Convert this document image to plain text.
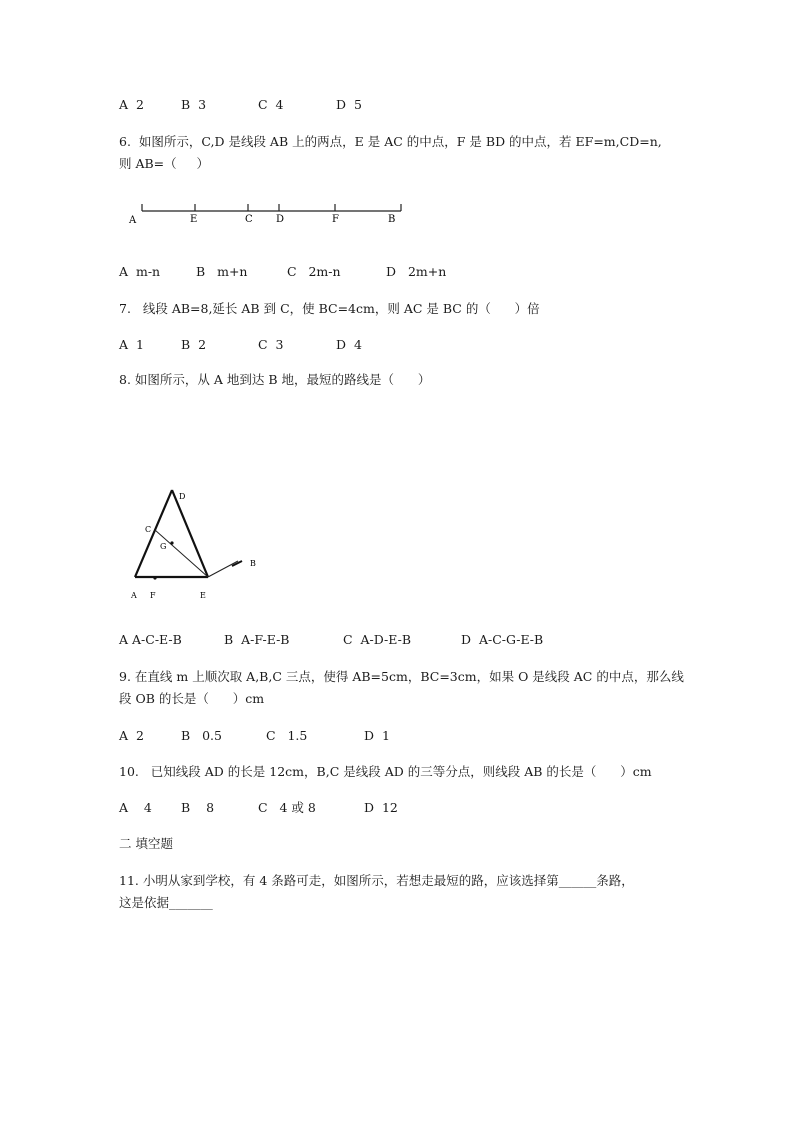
A  2	B  3	C  4	D  5
6.  如图所示，C,D 是线段 AB 上的两点，E 是 AC 的中点，F 是 BD 的中点，若 EF=m,CD=n,
则 AB=（     ）
A	E	C D	F	B
A  m-n	B   m+n	C   2m-n	D   2m+n
7.   线段 AB=8,延长 AB 到 C，使 BC=4cm，则 AC 是 BC 的（      ）倍
A  1	B  2	C  3	D  4
8. 如图所示，从 A 地到达 B 地，最短的路线是（      ）
D
C
G
B
A F	E
A A-C-E-B	B  A-F-E-B	C  A-D-E-B	D  A-C-G-E-B
9. 在直线 m 上顺次取 A,B,C 三点，使得 AB=5cm，BC=3cm，如果 O 是线段 AC 的中点，那么线
段 OB 的长是（      ）cm
A  2	B   0.5	C   1.5	D  1
10.   已知线段 AD 的长是 12cm，B,C 是线段 AD 的三等分点，则线段 AB 的长是（      ）cm
A    4 B    8	C   4 或 8	D  12
二 填空题
11. 小明从家到学校，有 4 条路可走，如图所示，若想走最短的路，应该选择第______条路，
这是依据_______
